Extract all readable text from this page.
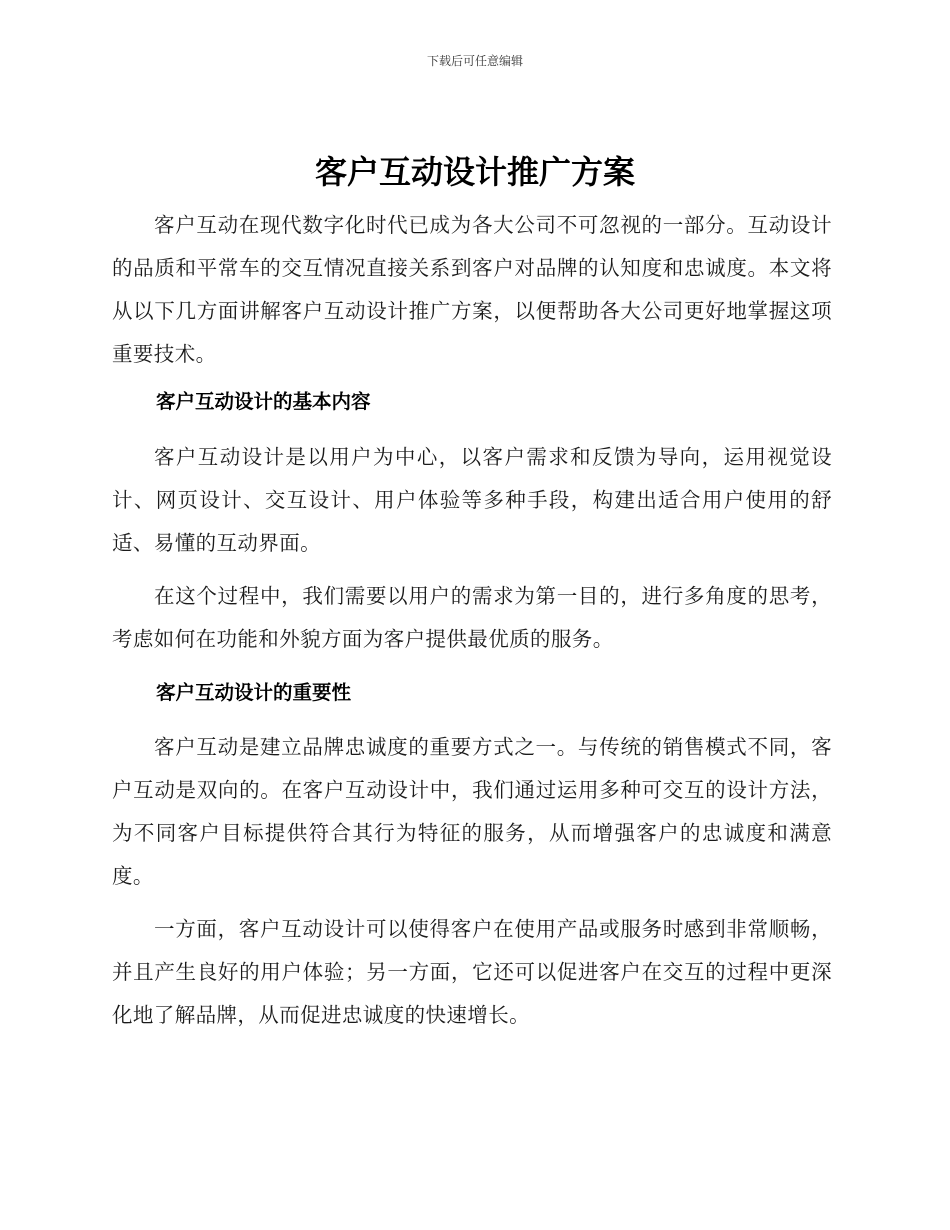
下载后可任意编辑
客户互动设计推广方案

客户互动在现代数字化时代已成为各大公司不可忽视的一部分。互动设计的品质和平常车的交互情况直接关系到客户对品牌的认知度和忠诚度。本文将从以下几方面讲解客户互动设计推广方案，以便帮助各大公司更好地掌握这项重要技术。

客户互动设计的基本内容

客户互动设计是以用户为中心，以客户需求和反馈为导向，运用视觉设计、网页设计、交互设计、用户体验等多种手段，构建出适合用户使用的舒适、易懂的互动界面。

在这个过程中，我们需要以用户的需求为第一目的，进行多角度的思考，考虑如何在功能和外貌方面为客户提供最优质的服务。

客户互动设计的重要性

客户互动是建立品牌忠诚度的重要方式之一。与传统的销售模式不同，客户互动是双向的。在客户互动设计中，我们通过运用多种可交互的设计方法，为不同客户目标提供符合其行为特征的服务，从而增强客户的忠诚度和满意度。

一方面，客户互动设计可以使得客户在使用产品或服务时感到非常顺畅，并且产生良好的用户体验；另一方面，它还可以促进客户在交互的过程中更深化地了解品牌，从而促进忠诚度的快速增长。
